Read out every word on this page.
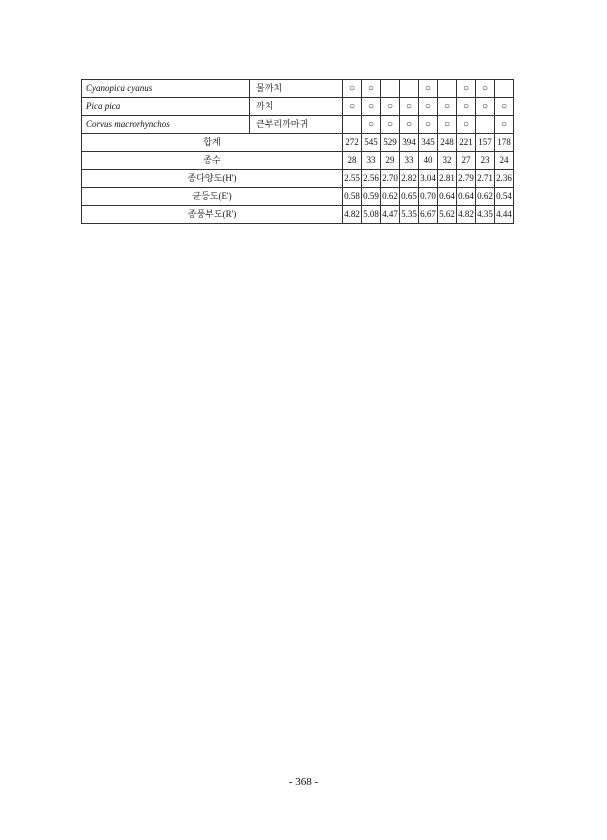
Cyanopica cyanus	물까치	○	○			○		○	○	
Pica pica	까치	○	○	○	○	○	○	○	○	○
Corvus macrorhynchos	큰부리까마귀		○	○	○	○	○	○		○
합계		272	545	529	394	345	248	221	157	178
종수		28	33	29	33	40	32	27	23	24
종다양도(H')		2.55	2.56	2.70	2.82	3.04	2.81	2.79	2.71	2.36
균등도(E')		0.58	0.59	0.62	0.65	0.70	0.64	0.64	0.62	0.54
종풍부도(R')		4.82	5.08	4.47	5.35	6.67	5.62	4.82	4.35	4.44
- 368 -
